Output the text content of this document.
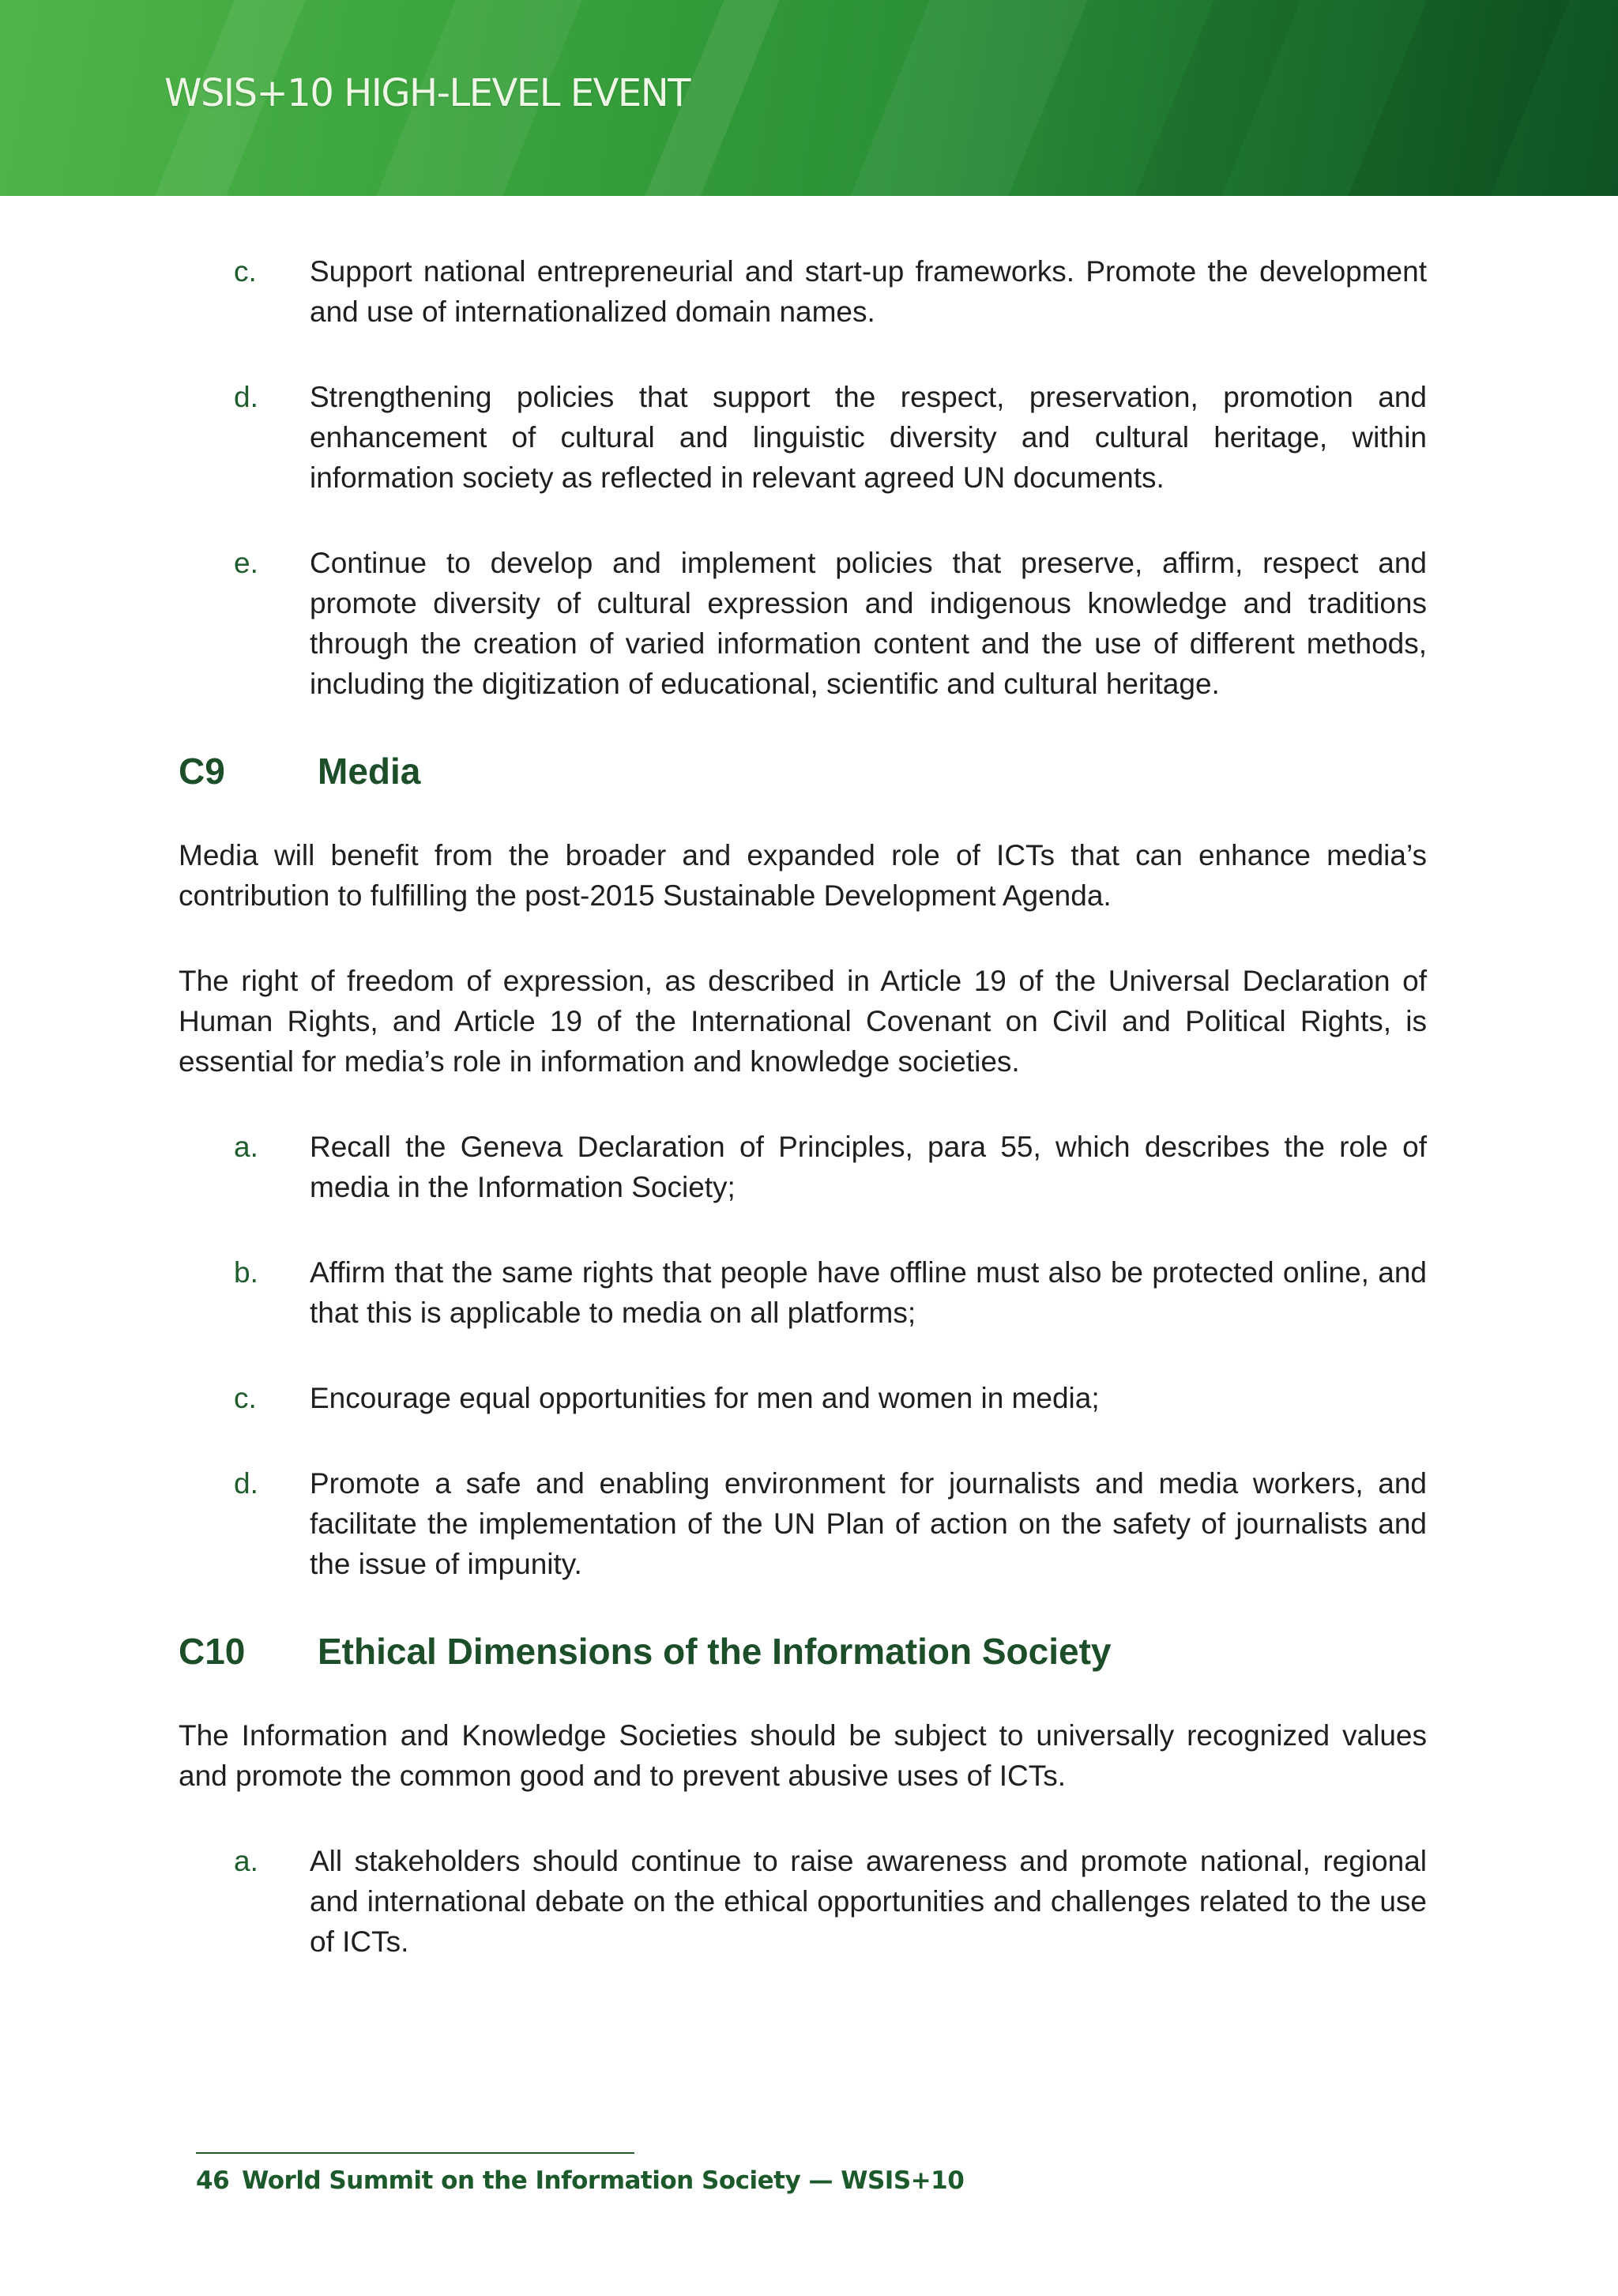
WSIS+10 HIGH-LEVEL EVENT
c. Support national entrepreneurial and start-up frameworks. Promote the development and use of internationalized domain names.
d. Strengthening policies that support the respect, preservation, promotion and enhancement of cultural and linguistic diversity and cultural heritage, within information society as reflected in relevant agreed UN documents.
e. Continue to develop and implement policies that preserve, affirm, respect and promote diversity of cultural expression and indigenous knowledge and traditions through the creation of varied information content and the use of different methods, including the digitization of educational, scientific and cultural heritage.
C9	Media

Media will benefit from the broader and expanded role of ICTs that can enhance media’s contribution to fulfilling the post-2015 Sustainable Development Agenda.

The right of freedom of expression, as described in Article 19 of the Universal Declaration of Human Rights, and Article 19 of the International Covenant on Civil and Political Rights, is essential for media’s role in information and knowledge societies.

a. Recall the Geneva Declaration of Principles, para 55, which describes the role of media in the Information Society;
b. Affirm that the same rights that people have offline must also be protected online, and that this is applicable to media on all platforms;
c. Encourage equal opportunities for men and women in media;
d. Promote a safe and enabling environment for journalists and media workers, and facilitate the implementation of the UN Plan of action on the safety of journalists and the issue of impunity.
C10 Ethical Dimensions of the Information Society

The Information and Knowledge Societies should be subject to universally recognized values and promote the common good and to prevent abusive uses of ICTs.

a. All stakeholders should continue to raise awareness and promote national, regional and international debate on the ethical opportunities and challenges related to the use of ICTs.
46 World Summit on the Information Society — WSIS+10
